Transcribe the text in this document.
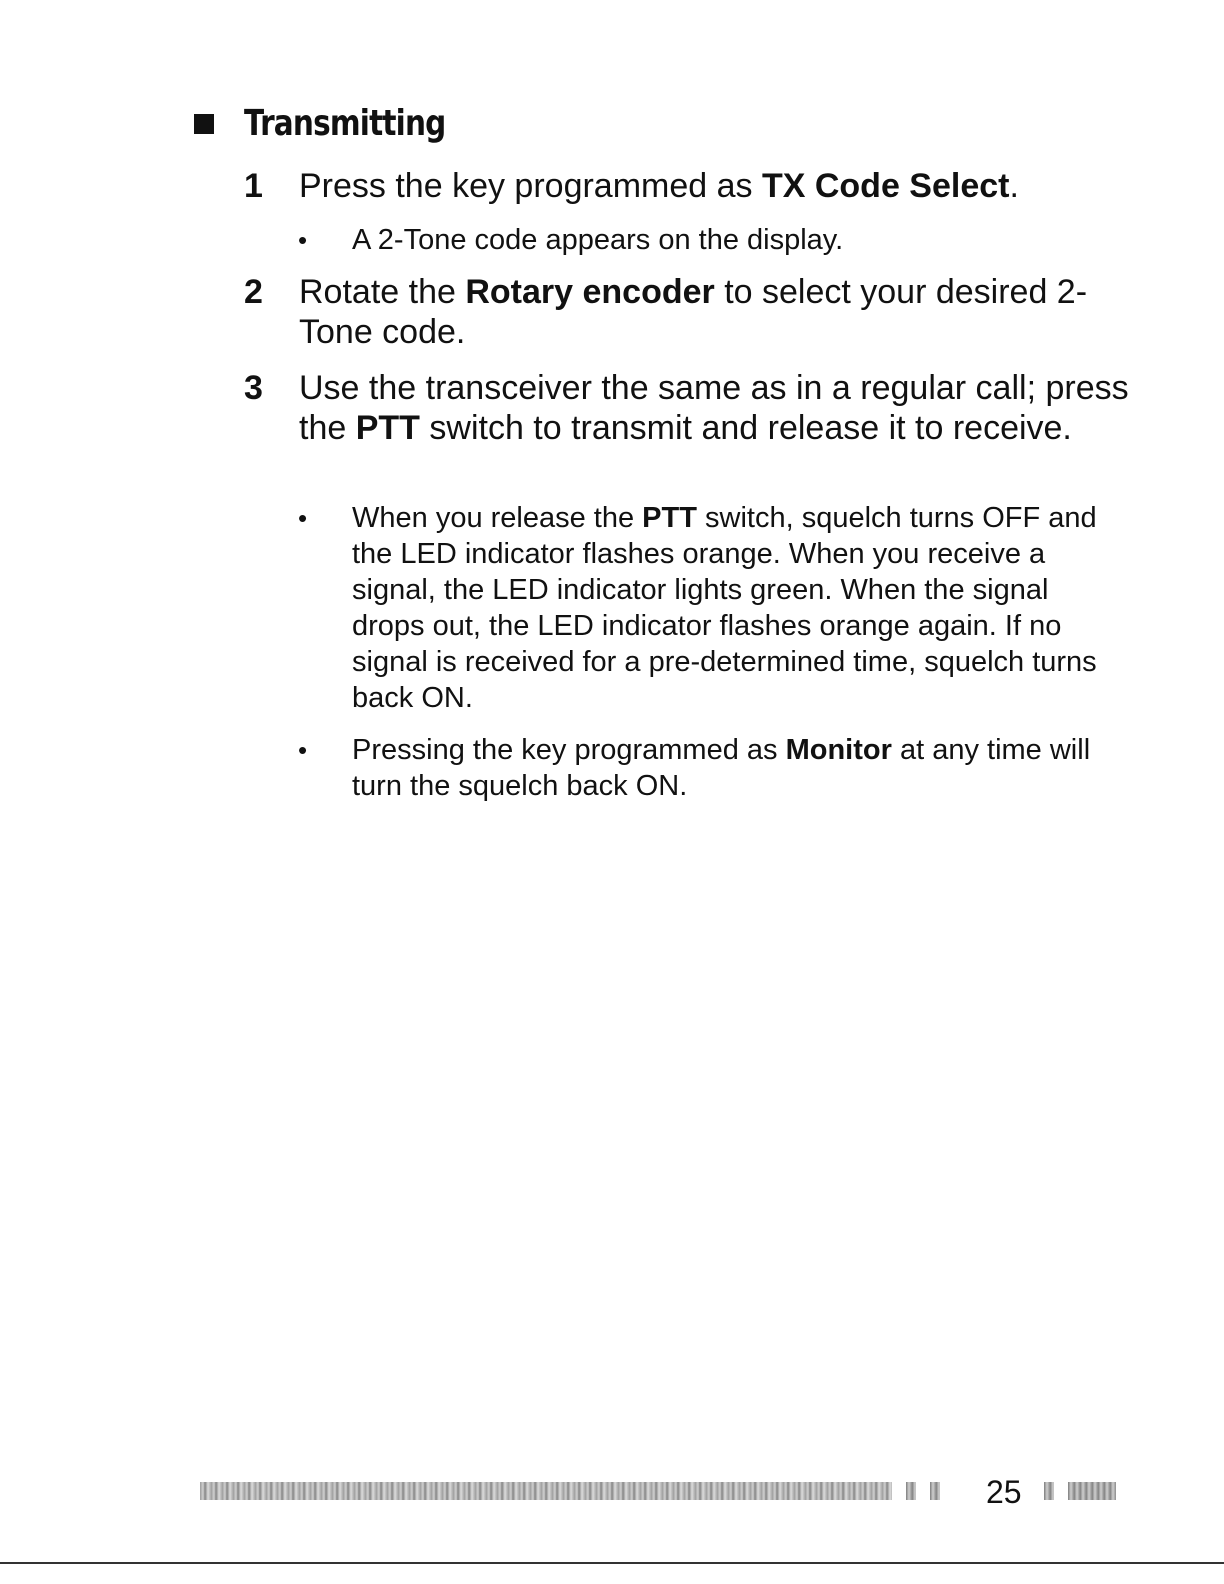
Transmitting
1	Press the key programmed as TX Code Select.
• A 2-Tone code appears on the display.
2	Rotate the Rotary encoder to select your desired 2-Tone code.
3	Use the transceiver the same as in a regular call; press the PTT switch to transmit and release it to receive.
• When you release the PTT switch, squelch turns OFF and the LED indicator flashes orange. When you receive a signal, the LED indicator lights green. When the signal drops out, the LED indicator flashes orange again. If no signal is received for a pre-determined time, squelch turns back ON.
• Pressing the key programmed as Monitor at any time will turn the squelch back ON.
25
